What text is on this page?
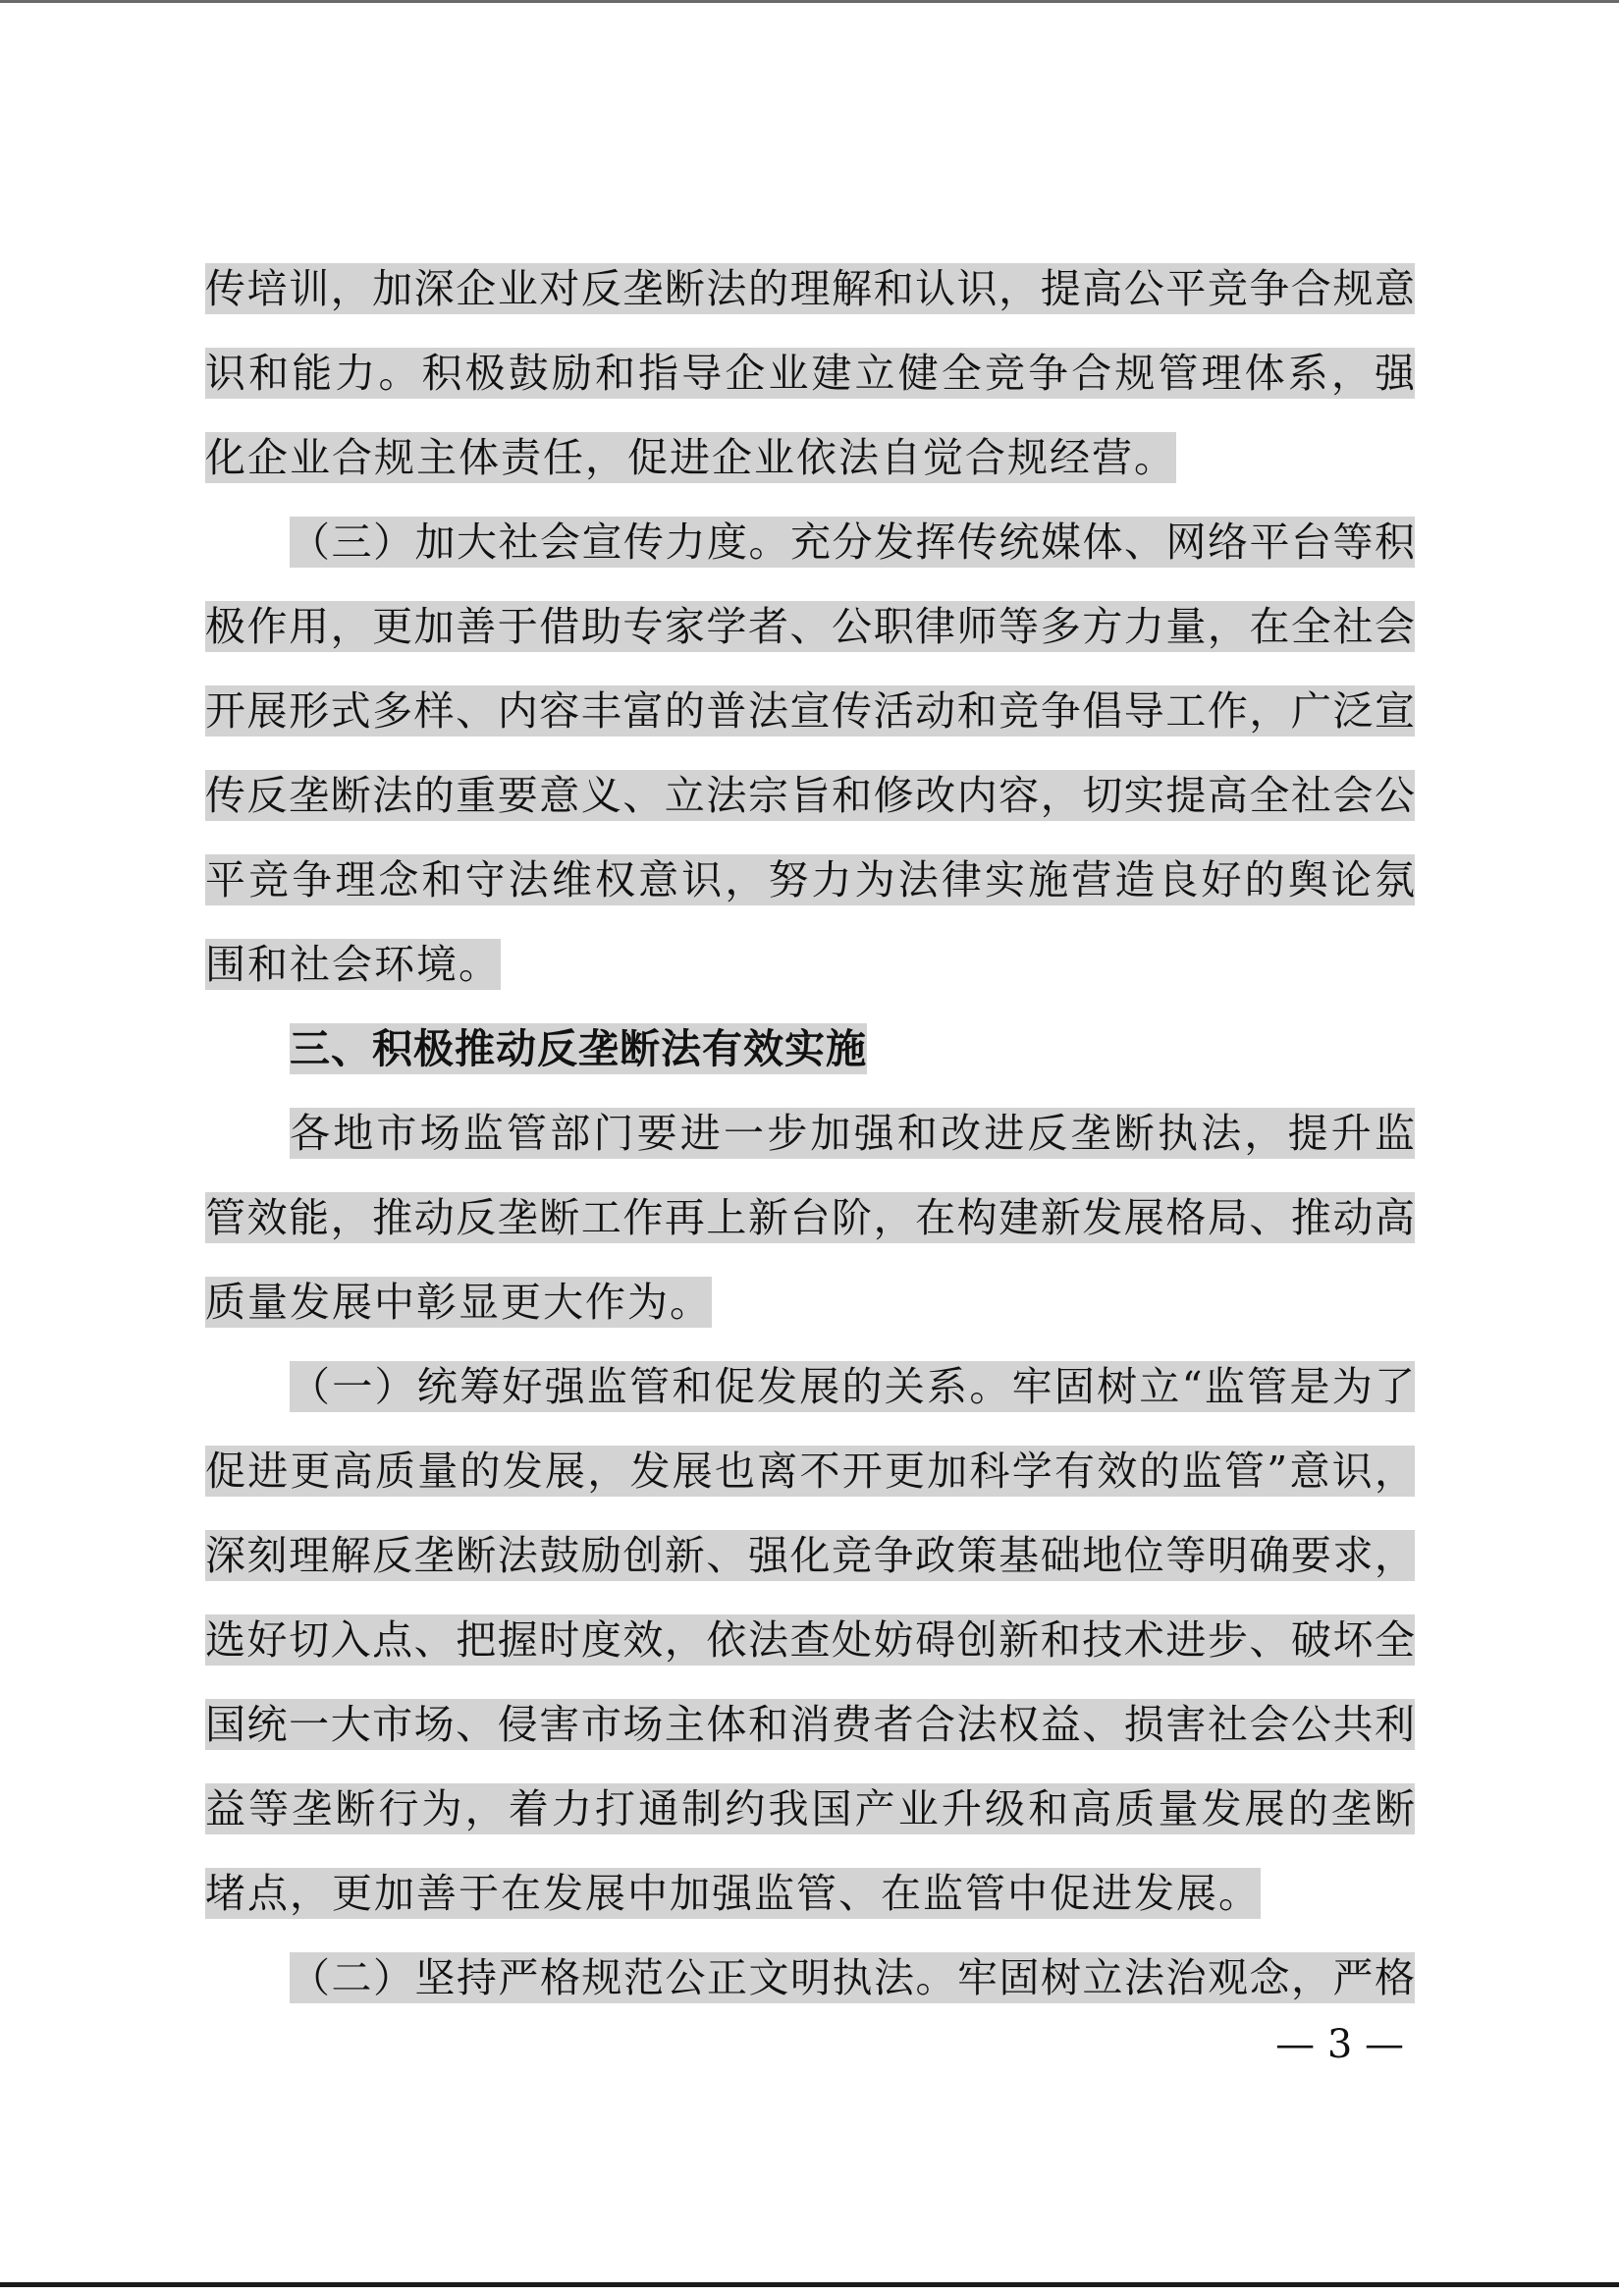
传培训，加深企业对反垄断法的理解和认识，提高公平竞争合规意
识和能力。积极鼓励和指导企业建立健全竞争合规管理体系，强
化企业合规主体责任，促进企业依法自觉合规经营。
（三）加大社会宣传力度。充分发挥传统媒体、网络平台等积
极作用，更加善于借助专家学者、公职律师等多方力量，在全社会
开展形式多样、内容丰富的普法宣传活动和竞争倡导工作，广泛宣
传反垄断法的重要意义、立法宗旨和修改内容，切实提高全社会公
平竞争理念和守法维权意识，努力为法律实施营造良好的舆论氛
围和社会环境。
三、积极推动反垄断法有效实施
各地市场监管部门要进一步加强和改进反垄断执法，提升监
管效能，推动反垄断工作再上新台阶，在构建新发展格局、推动高
质量发展中彰显更大作为。
（一）统筹好强监管和促发展的关系。牢固树立“监管是为了
促进更高质量的发展，发展也离不开更加科学有效的监管”意识，
深刻理解反垄断法鼓励创新、强化竞争政策基础地位等明确要求，
选好切入点、把握时度效，依法查处妨碍创新和技术进步、破坏全
国统一大市场、侵害市场主体和消费者合法权益、损害社会公共利
益等垄断行为，着力打通制约我国产业升级和高质量发展的垄断
堵点，更加善于在发展中加强监管、在监管中促进发展。
（二）坚持严格规范公正文明执法。牢固树立法治观念，严格
— 3 —
